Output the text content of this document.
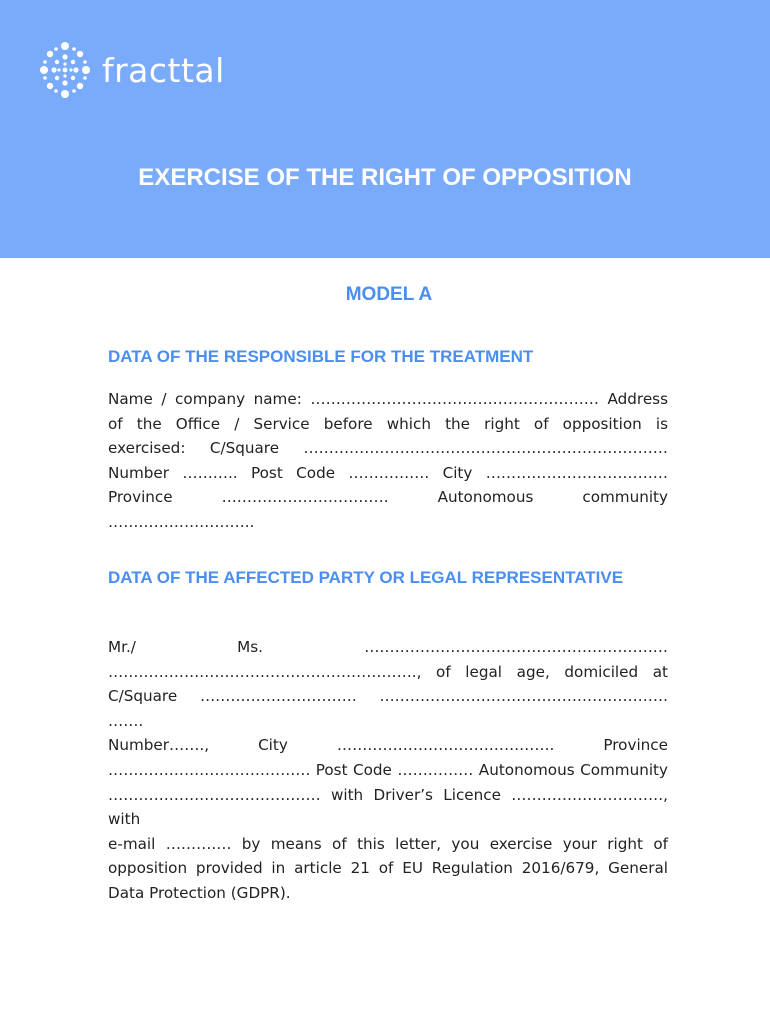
fracttal
EXERCISE OF THE RIGHT OF OPPOSITION
MODEL A
DATA OF THE RESPONSIBLE FOR THE TREATMENT

Name / company name: ………………………………………………… Address
of the Office / Service before which the right of opposition is
exercised: C/Square ………………………………………………………………
Number ……….. Post Code ……………. City ………………………………
Province …………………………… Autonomous community
………………………..

DATA OF THE AFFECTED PARTY OR LEGAL REPRESENTATIVE

Mr./ Ms. ……………………………………………………
……………………………………………………., of legal age, domiciled at
C/Square …………………………. ………………………………………………… …….
Number……., City ……………………………………. Province
…………………………………. Post Code …………… Autonomous Community
…………………………………… with Driver’s Licence …………………………, with
e-mail …………. by means of this letter, you exercise your right of
opposition provided in article 21 of EU Regulation 2016/679, General
Data Protection (GDPR).
